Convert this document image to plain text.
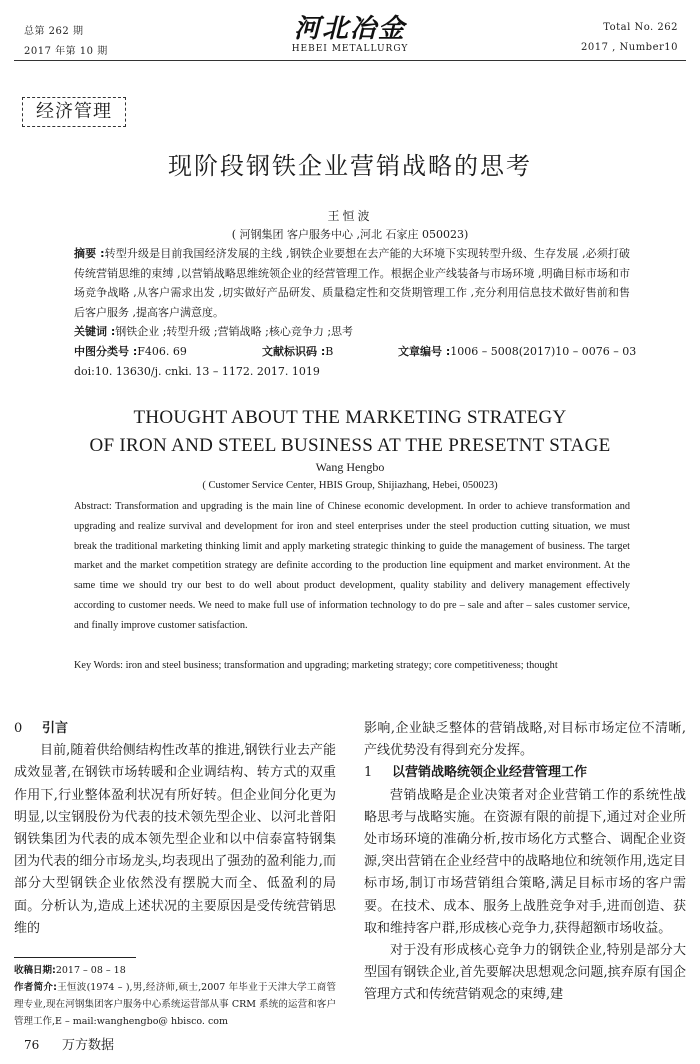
总第 262 期
2017 年第 10 期
河北冶金
HEBEI METALLURGY
Total No. 262
2017 , Number10
经济管理
现阶段钢铁企业营销战略的思考
王恒波
( 河钢集团 客户服务中心 ,河北 石家庄 050023)
摘要 :转型升级是目前我国经济发展的主线 ,钢铁企业要想在去产能的大环境下实现转型升级、生存发展 ,必须打破传统营销思维的束缚 ,以营销战略思维统领企业的经营管理工作。根据企业产线装备与市场环境 ,明确目标市场和市场竞争战略 ,从客户需求出发 ,切实做好产品研发、质量稳定性和交货期管理工作 ,充分利用信息技术做好售前和售后客户服务 ,提高客户满意度。
关键词 :钢铁企业 ;转型升级 ;营销战略 ;核心竞争力 ;思考
中图分类号 :F406. 69	文献标识码 :B	文章编号 :1006 – 5008(2017)10 – 0076 – 03
doi:10. 13630/j. cnki. 13 – 1172. 2017. 1019
THOUGHT ABOUT THE MARKETING STRATEGY
OF IRON AND STEEL BUSINESS AT THE PRESETNT STAGE
Wang Hengbo
( Customer Service Center, HBIS Group, Shijiazhang, Hebei, 050023)
Abstract: Transformation and upgrading is the main line of Chinese economic development. In order to achieve transformation and upgrading and realize survival and development for iron and steel enterprises under the steel production cutting situation, we must break the traditional marketing thinking limit and apply marketing strategic thinking to guide the management of business. The target market and the market competition strategy are definite according to the production line equipment and market environment. At the same time we should try our best to do well about product development, quality stability and delivery management effectively according to customer needs. We need to make full use of information technology to do pre – sale and after – sales customer service, and finally improve customer satisfaction.
Key Words: iron and steel business; transformation and upgrading; marketing strategy; core competitiveness; thought
0 引言

目前,随着供给侧结构性改革的推进,钢铁行业去产能成效显著,在钢铁市场转暖和企业调结构、转方式的双重作用下,行业整体盈利状况有所好转。但企业间分化更为明显,以宝钢股份为代表的技术领先型企业、以河北普阳钢铁集团为代表的成本领先型企业和以中信泰富特钢集团为代表的细分市场龙头,均表现出了强劲的盈利能力,而部分大型钢铁企业依然没有摆脱大而全、低盈利的局面。分析认为,造成上述状况的主要原因是受传统营销思维的

影响,企业缺乏整体的营销战略,对目标市场定位不清晰,产线优势没有得到充分发挥。

1 以营销战略统领企业经营管理工作

营销战略是企业决策者对企业营销工作的系统性战略思考与战略实施。在资源有限的前提下,通过对企业所处市场环境的准确分析,按市场化方式整合、调配企业资源,突出营销在企业经营中的战略地位和统领作用,选定目标市场,制订市场营销组合策略,满足目标市场的客户需要。在技术、成本、服务上战胜竞争对手,进而创造、获取和维持客户群,形成核心竞争力,获得超额市场收益。

对于没有形成核心竞争力的钢铁企业,特别是部分大型国有钢铁企业,首先要解决思想观念问题,摈弃原有国企管理方式和传统营销观念的束缚,建

收稿日期:2017 – 08 – 18
作者简介:王恒波(1974 – ),男,经济师,硕士,2007 年毕业于天津大学工商管理专业,现在河钢集团客户服务中心系统运营部从事 CRM 系统的运营和客户管理工作,E – mail:wanghengbo@ hbisco. com
76 万方数据
